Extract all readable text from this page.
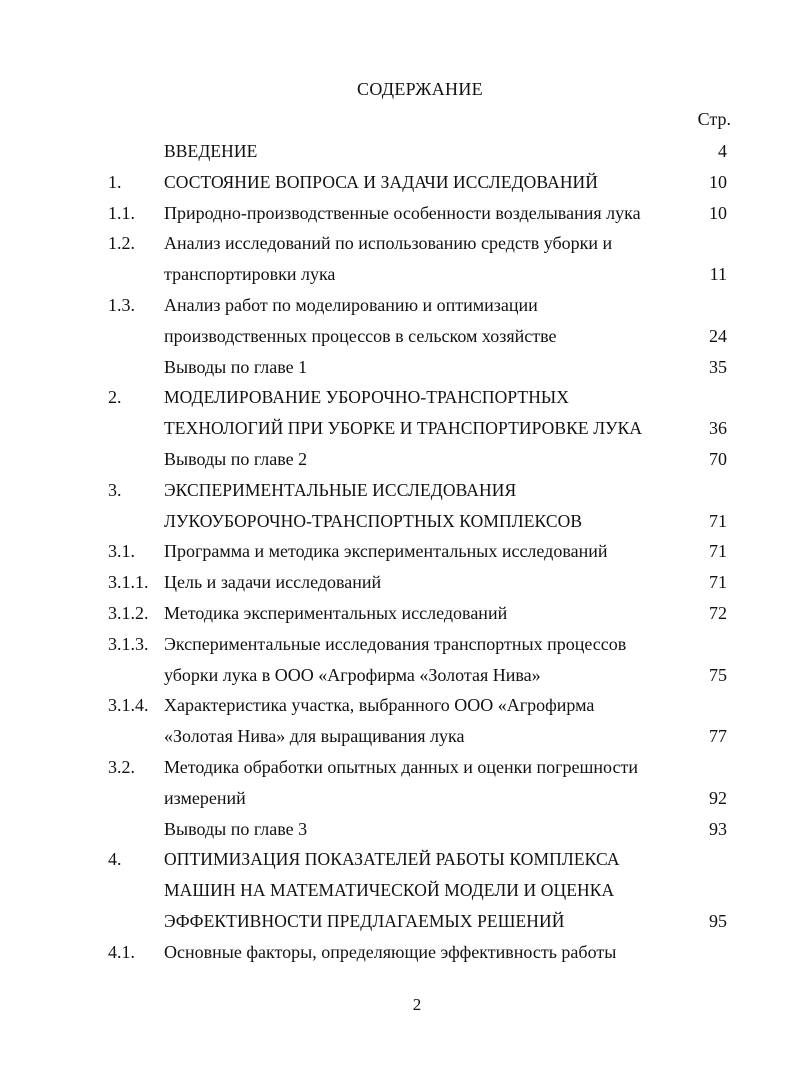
СОДЕРЖАНИЕ
Стр.
ВВЕДЕНИЕ	4
1. СОСТОЯНИЕ ВОПРОСА И ЗАДАЧИ ИССЛЕДОВАНИЙ	10
1.1. Природно-производственные особенности возделывания лука	10
1.2. Анализ исследований по использованию средств уборки и
транспортировки лука	11
1.3. Анализ работ по моделированию и оптимизации
производственных процессов в сельском хозяйстве	24
Выводы по главе 1	35
2. МОДЕЛИРОВАНИЕ УБОРОЧНО-ТРАНСПОРТНЫХ
ТЕХНОЛОГИЙ ПРИ УБОРКЕ И ТРАНСПОРТИРОВКЕ ЛУКА	36
Выводы по главе 2	70
3. ЭКСПЕРИМЕНТАЛЬНЫЕ ИССЛЕДОВАНИЯ
ЛУКОУБОРОЧНО-ТРАНСПОРТНЫХ КОМПЛЕКСОВ	71
3.1. Программа и методика экспериментальных исследований	71
3.1.1. Цель и задачи исследований	71
3.1.2. Методика экспериментальных исследований	72
3.1.3. Экспериментальные исследования транспортных процессов
уборки лука в ООО «Агрофирма «Золотая Нива»	75
3.1.4. Характеристика участка, выбранного ООО «Агрофирма
«Золотая Нива» для выращивания лука	77
3.2. Методика обработки опытных данных и оценки погрешности
измерений	92
Выводы по главе 3	93
4. ОПТИМИЗАЦИЯ ПОКАЗАТЕЛЕЙ РАБОТЫ КОМПЛЕКСА
МАШИН НА МАТЕМАТИЧЕСКОЙ МОДЕЛИ И ОЦЕНКА
ЭФФЕКТИВНОСТИ ПРЕДЛАГАЕМЫХ РЕШЕНИЙ	95
4.1. Основные факторы, определяющие эффективность работы
2
